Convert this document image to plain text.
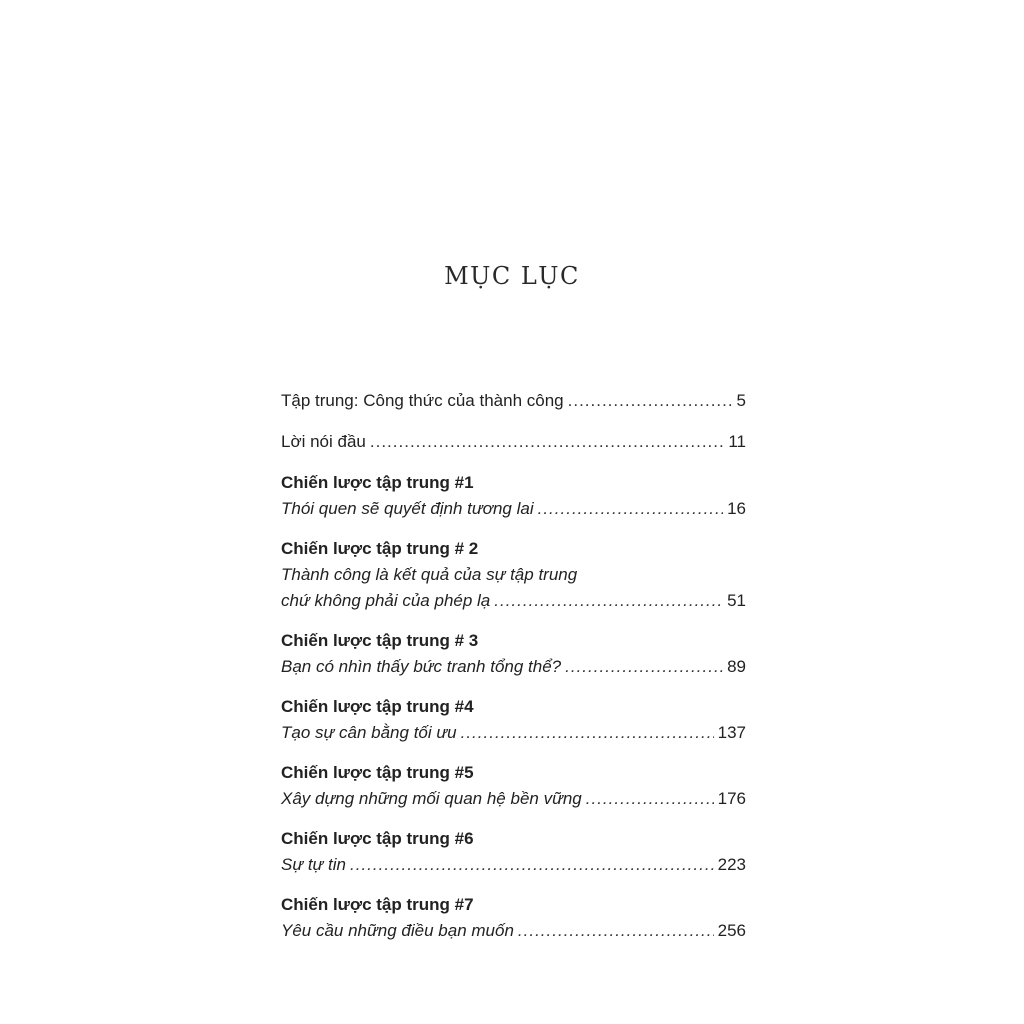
MỤC LỤC
Tập trung: Công thức của thành công .....	5
Lời nói đầu .....	11
Chiến lược tập trung #1
Thói quen sẽ quyết định tương lai .....	16
Chiến lược tập trung # 2
Thành công là kết quả của sự tập trung
chứ không phải của phép lạ .....	51
Chiến lược tập trung # 3
Bạn có nhìn thấy bức tranh tổng thể? .....	89
Chiến lược tập trung #4
Tạo sự cân bằng tối ưu .....	137
Chiến lược tập trung #5
Xây dựng những mối quan hệ bền vững .....	176
Chiến lược tập trung #6
Sự tự tin .....	223
Chiến lược tập trung #7
Yêu cầu những điều bạn muốn .....	256
